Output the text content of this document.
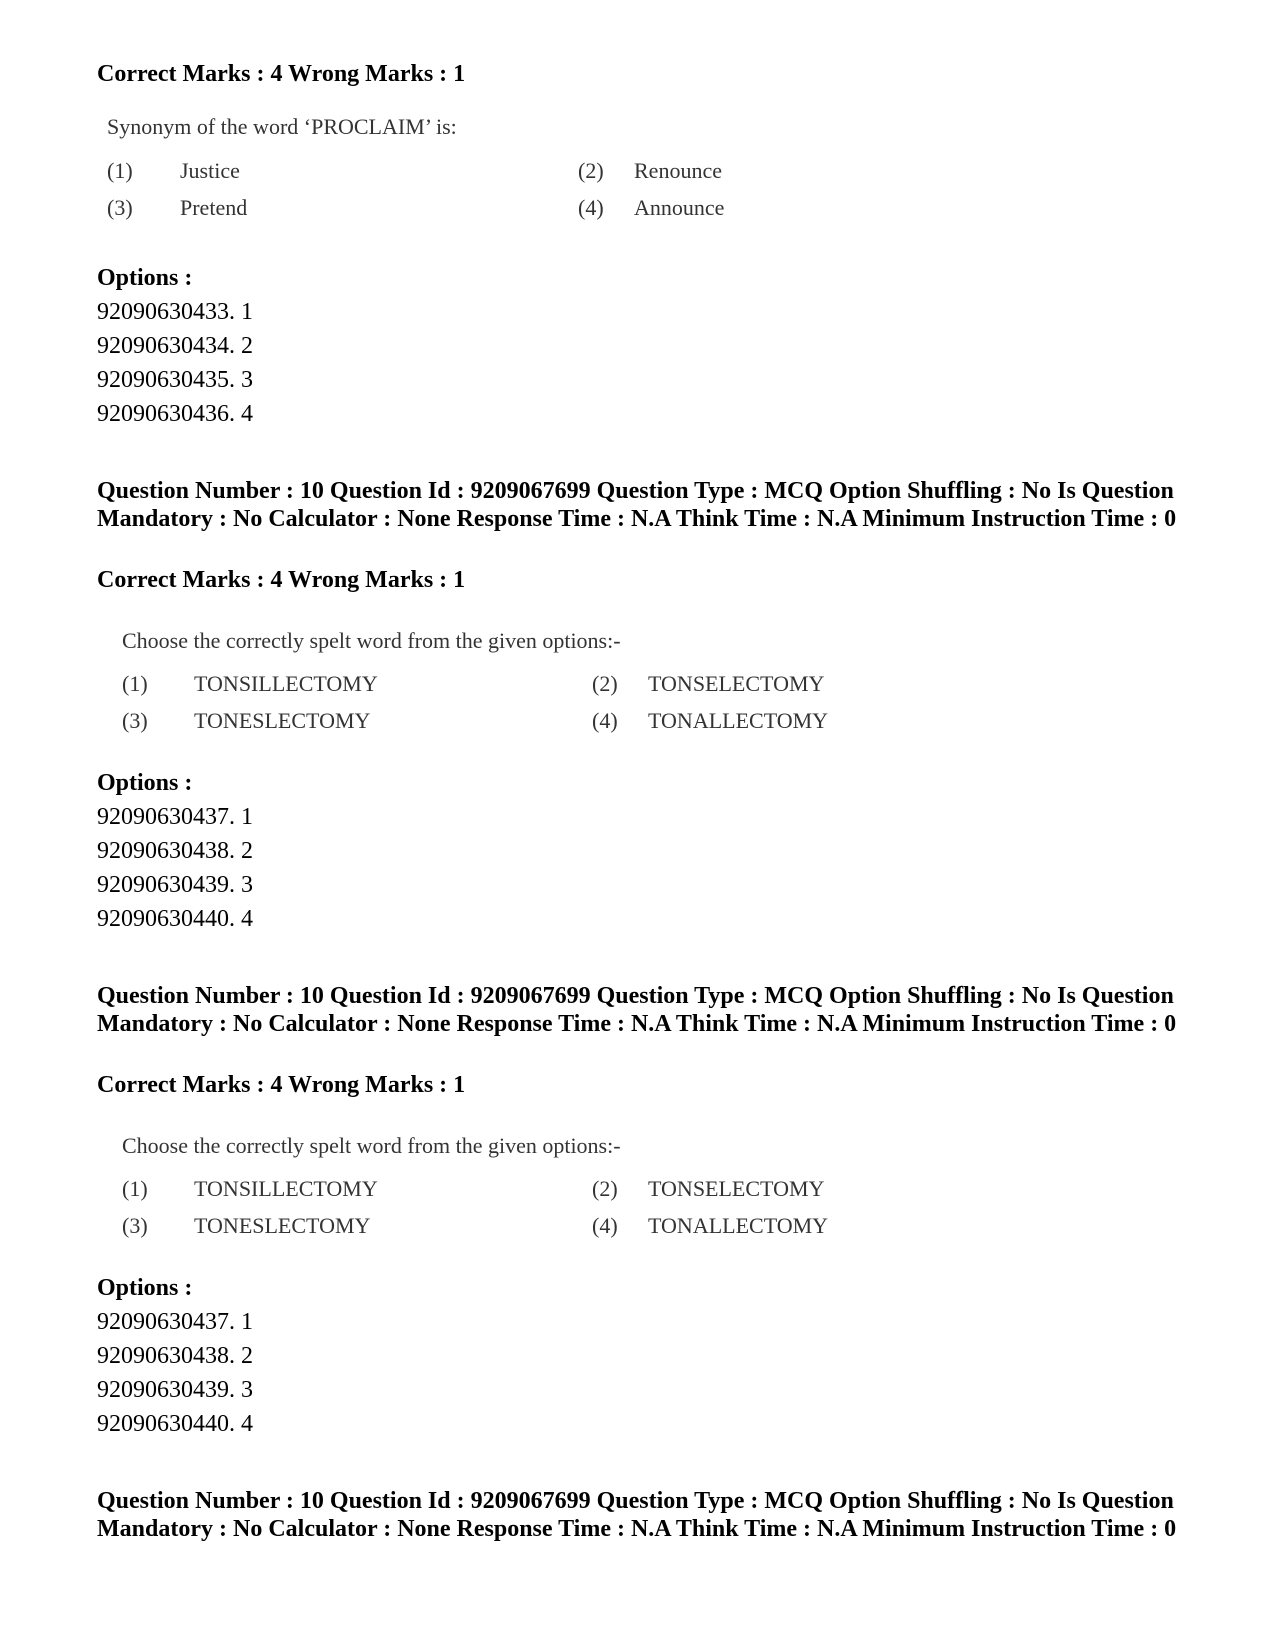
Correct Marks : 4 Wrong Marks : 1
Synonym of the word ‘PROCLAIM’ is:
(1) Justice	(2) Renounce
(3) Pretend	(4) Announce
Options :
92090630433. 1
92090630434. 2
92090630435. 3
92090630436. 4
Question Number : 10 Question Id : 9209067699 Question Type : MCQ Option Shuffling : No Is Question Mandatory : No Calculator : None Response Time : N.A Think Time : N.A Minimum Instruction Time : 0
Correct Marks : 4 Wrong Marks : 1
Choose the correctly spelt word from the given options:-
(1) TONSILLECTOMY	(2) TONSELECTOMY
(3) TONESLECTOMY	(4) TONALLECTOMY
Options :
92090630437. 1
92090630438. 2
92090630439. 3
92090630440. 4
Question Number : 10 Question Id : 9209067699 Question Type : MCQ Option Shuffling : No Is Question Mandatory : No Calculator : None Response Time : N.A Think Time : N.A Minimum Instruction Time : 0
Correct Marks : 4 Wrong Marks : 1
Choose the correctly spelt word from the given options:-
(1) TONSILLECTOMY	(2) TONSELECTOMY
(3) TONESLECTOMY	(4) TONALLECTOMY
Options :
92090630437. 1
92090630438. 2
92090630439. 3
92090630440. 4
Question Number : 10 Question Id : 9209067699 Question Type : MCQ Option Shuffling : No Is Question Mandatory : No Calculator : None Response Time : N.A Think Time : N.A Minimum Instruction Time : 0
